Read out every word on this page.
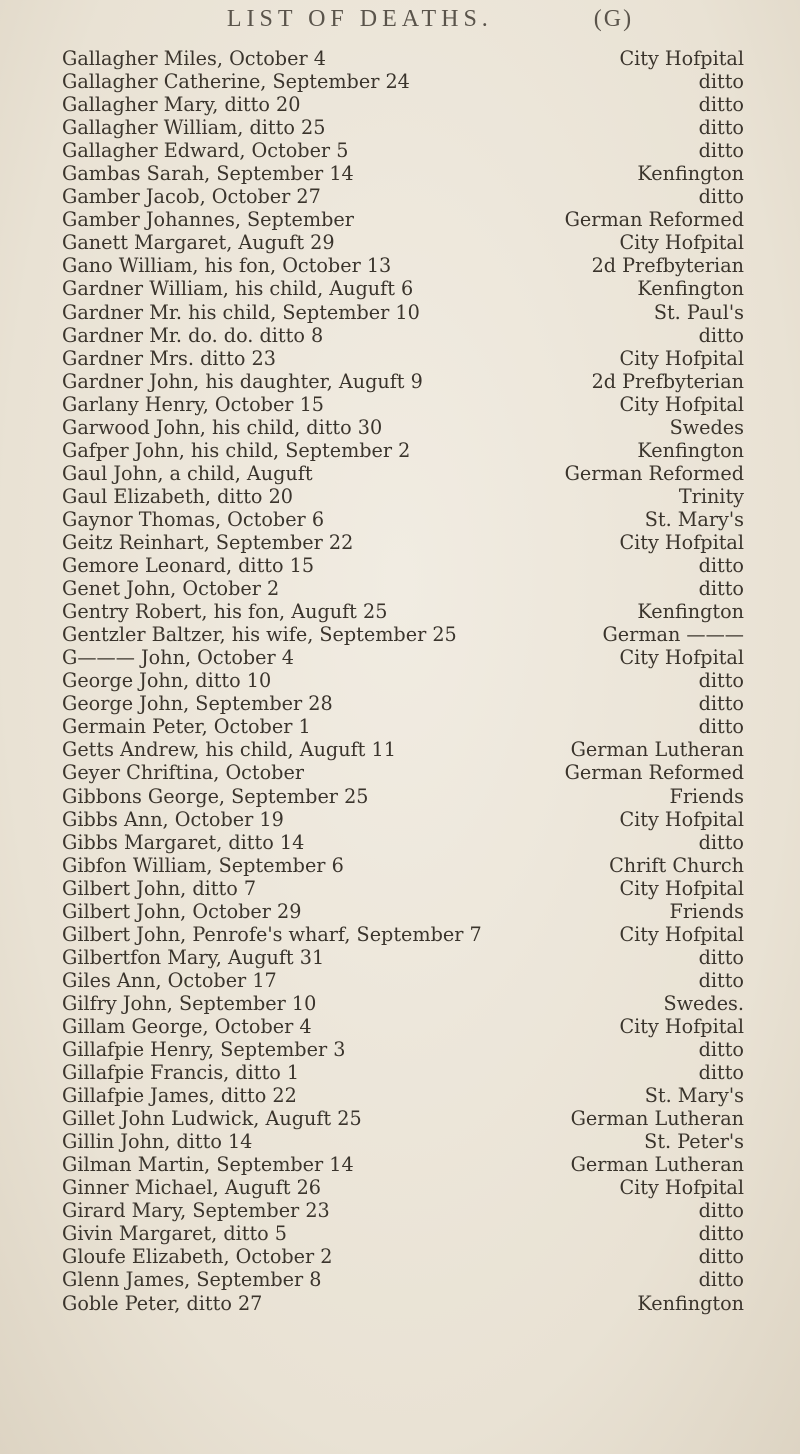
LIST OF DEATHS.	(G)
Gallagher Miles, October 4	City Hofpital
Gallagher Catherine, September 24	ditto
Gallagher Mary, ditto 20	ditto
Gallagher William, ditto 25	ditto
Gallagher Edward, October 5	ditto
Gambas Sarah, September 14	Kenfington
Gamber Jacob, October 27	ditto
Gamber Johannes, September	German Reformed
Ganett Margaret, Auguft 29	City Hofpital
Gano William, his fon, October 13	2d Prefbyterian
Gardner William, his child, Auguft 6	Kenfington
Gardner Mr. his child, September 10	St. Paul's
Gardner Mr. do. do. ditto 8	ditto
Gardner Mrs. ditto 23	City Hofpital
Gardner John, his daughter, Auguft 9	2d Prefbyterian
Garlany Henry, October 15	City Hofpital
Garwood John, his child, ditto 30	Swedes
Gafper John, his child, September 2	Kenfington
Gaul John, a child, Auguft	German Reformed
Gaul Elizabeth, ditto 20	Trinity
Gaynor Thomas, October 6	St. Mary's
Geitz Reinhart, September 22	City Hofpital
Gemore Leonard, ditto 15	ditto
Genet John, October 2	ditto
Gentry Robert, his fon, Auguft 25	Kenfington
Gentzler Baltzer, his wife, September 25	German ———
G——— John, October 4	City Hofpital
George John, ditto 10	ditto
George John, September 28	ditto
Germain Peter, October 1	ditto
Getts Andrew, his child, Auguft 11	German Lutheran
Geyer Chriftina, October	German Reformed
Gibbons George, September 25	Friends
Gibbs Ann, October 19	City Hofpital
Gibbs Margaret, ditto 14	ditto
Gibfon William, September 6	Chrift Church
Gilbert John, ditto 7	City Hofpital
Gilbert John, October 29	Friends
Gilbert John, Penrofe's wharf, September 7	City Hofpital
Gilbertfon Mary, Auguft 31	ditto
Giles Ann, October 17	ditto
Gilfry John, September 10	Swedes.
Gillam George, October 4	City Hofpital
Gillafpie Henry, September 3	ditto
Gillafpie Francis, ditto 1	ditto
Gillafpie James, ditto 22	St. Mary's
Gillet John Ludwick, Auguft 25	German Lutheran
Gillin John, ditto 14	St. Peter's
Gilman Martin, September 14	German Lutheran
Ginner Michael, Auguft 26	City Hofpital
Girard Mary, September 23	ditto
Givin Margaret, ditto 5	ditto
Gloufe Elizabeth, October 2	ditto
Glenn James, September 8	ditto
Goble Peter, ditto 27	Kenfington
